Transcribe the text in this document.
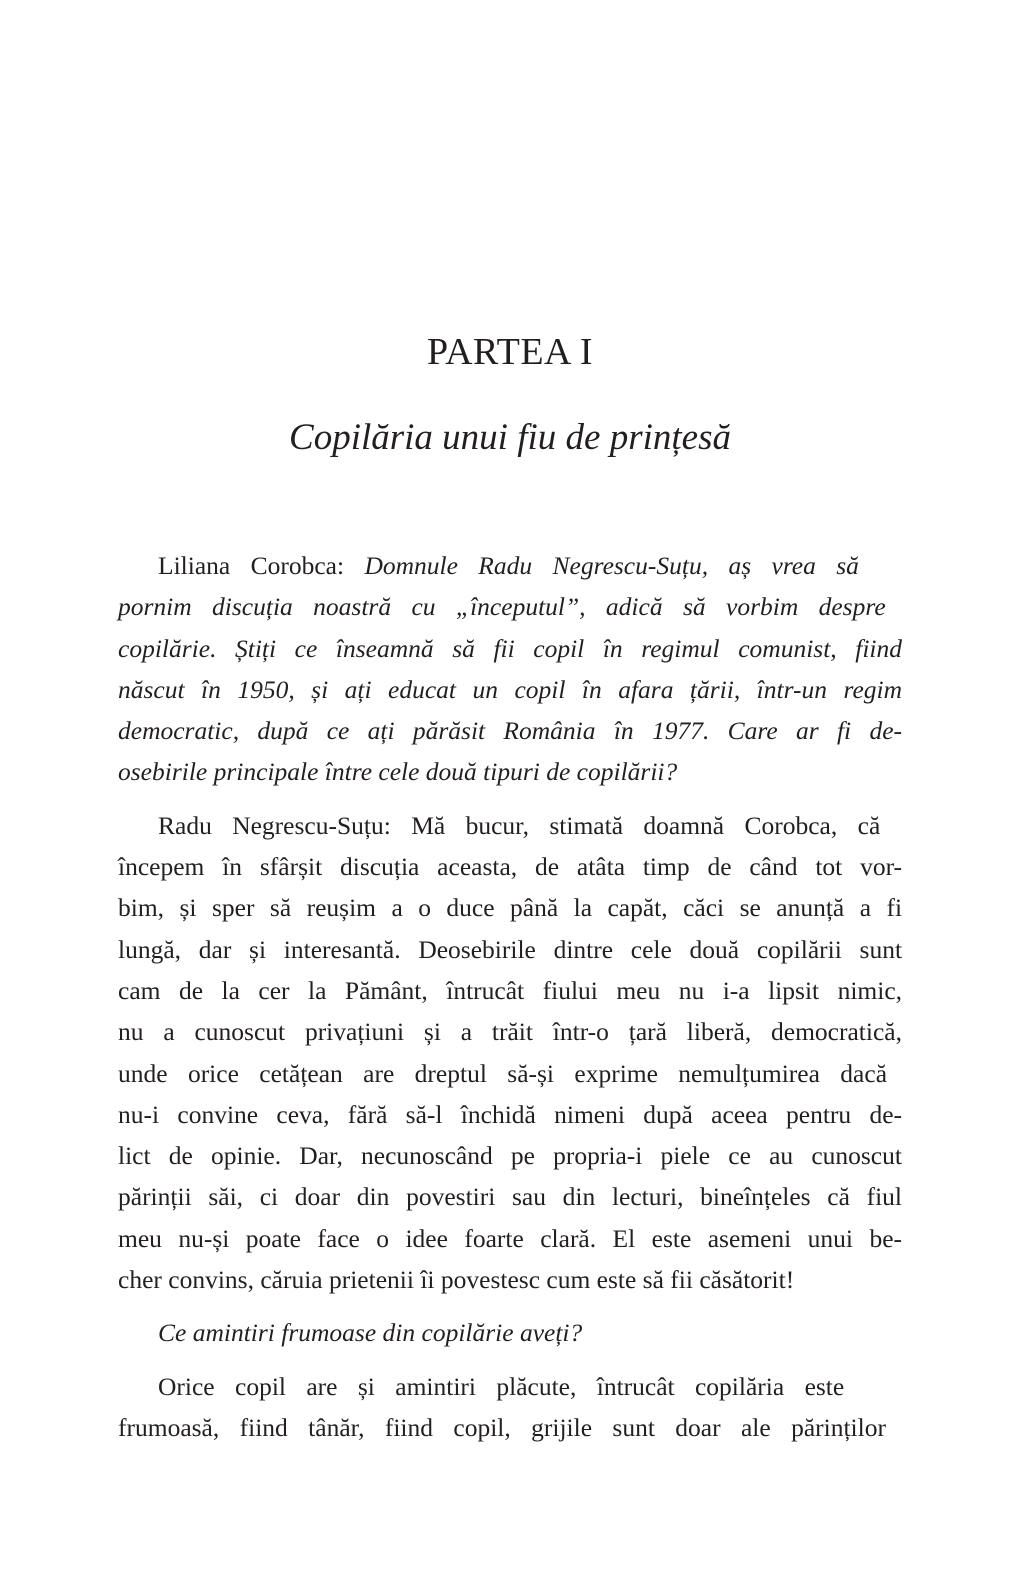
PARTEA I
Copilăria unui fiu de prințesă
Liliana Corobca: Domnule Radu Negrescu-Suțu, aș vrea să
pornim discuția noastră cu „începutul”, adică să vorbim despre
copilărie. Știți ce înseamnă să fii copil în regimul comunist, fiind
născut în 1950, și ați educat un copil în afara țării, într-un regim
democratic, după ce ați părăsit România în 1977. Care ar fi de-
osebirile principale între cele două tipuri de copilării?
Radu Negrescu-Suțu: Mă bucur, stimată doamnă Corobca, că
începem în sfârșit discuția aceasta, de atâta timp de când tot vor-
bim, și sper să reușim a o duce până la capăt, căci se anunță a fi
lungă, dar și interesantă. Deosebirile dintre cele două copilării sunt
cam de la cer la Pământ, întrucât fiului meu nu i-a lipsit nimic,
nu a cunoscut privațiuni și a trăit într-o țară liberă, democratică,
unde orice cetățean are dreptul să-și exprime nemulțumirea dacă
nu-i convine ceva, fără să-l închidă nimeni după aceea pentru de-
lict de opinie. Dar, necunoscând pe propria-i piele ce au cunoscut
părinții săi, ci doar din povestiri sau din lecturi, bineînțeles că fiul
meu nu-și poate face o idee foarte clară. El este asemeni unui be-
cher convins, căruia prietenii îi povestesc cum este să fii căsătorit!
Ce amintiri frumoase din copilărie aveți?
Orice copil are și amintiri plăcute, întrucât copilăria este
frumoasă, fiind tânăr, fiind copil, grijile sunt doar ale părinților
